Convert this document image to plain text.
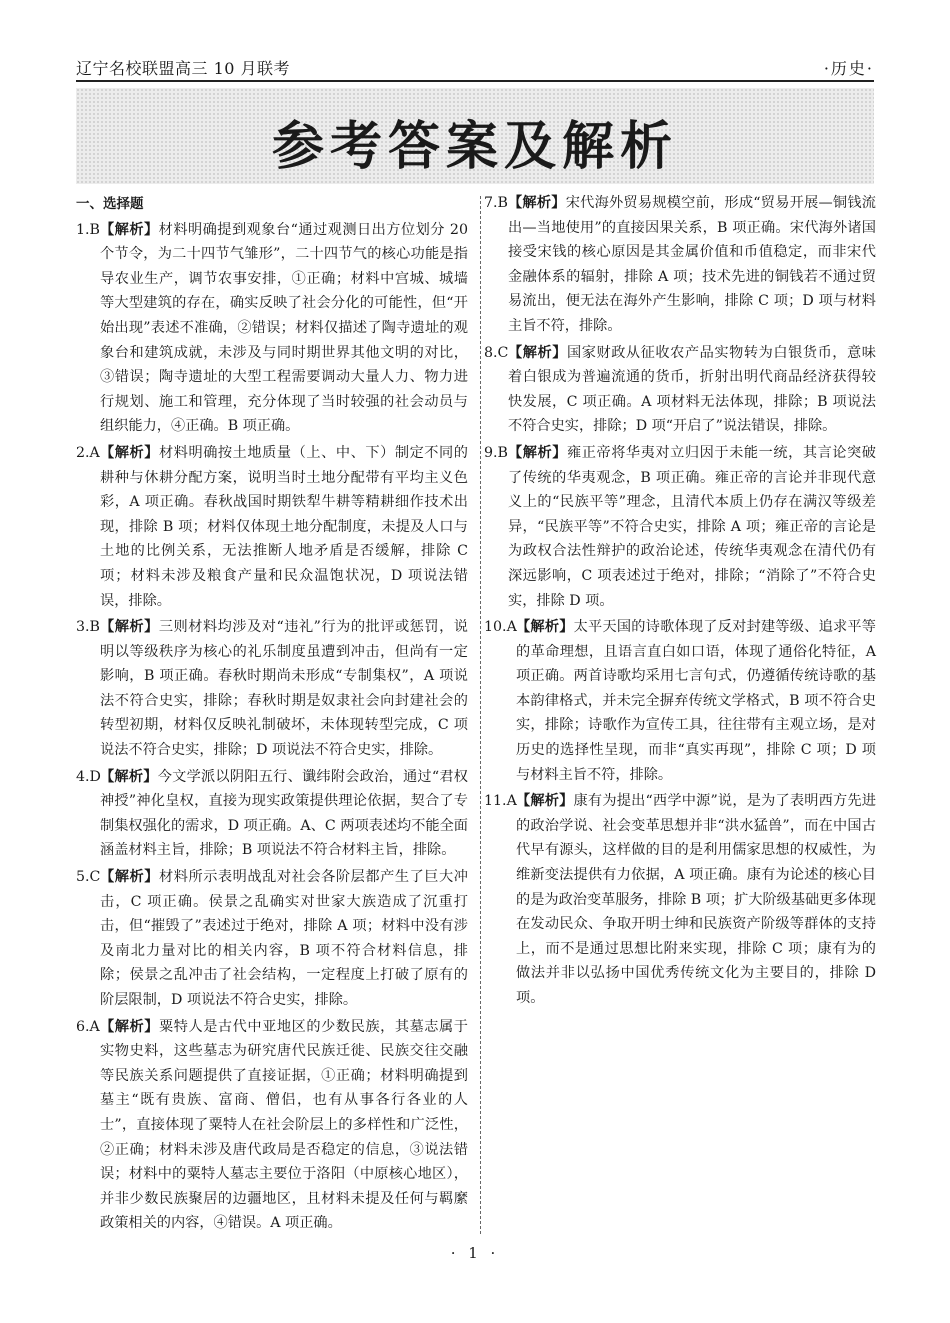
辽宁名校联盟高三 10 月联考	·历史·
参考答案及解析
一、选择题
1.B 【解析】材料明确提到观象台“通过观测日出方位划分 20 个节令，为二十四节气雏形”，二十四节气的核心功能是指导农业生产，调节农事安排，①正确；材料中宫城、城墙等大型建筑的存在，确实反映了社会分化的可能性，但“开始出现”表述不准确，②错误；材料仅描述了陶寺遗址的观象台和建筑成就，未涉及与同时期世界其他文明的对比，③错误；陶寺遗址的大型工程需要调动大量人力、物力进行规划、施工和管理，充分体现了当时较强的社会动员与组织能力，④正确。B 项正确。
2.A 【解析】材料明确按土地质量（上、中、下）制定不同的耕种与休耕分配方案，说明当时土地分配带有平均主义色彩，A 项正确。春秋战国时期铁犁牛耕等精耕细作技术出现，排除 B 项；材料仅体现土地分配制度，未提及人口与土地的比例关系，无法推断人地矛盾是否缓解，排除 C 项；材料未涉及粮食产量和民众温饱状况，D 项说法错误，排除。
3.B 【解析】三则材料均涉及对“违礼”行为的批评或惩罚，说明以等级秩序为核心的礼乐制度虽遭到冲击，但尚有一定影响，B 项正确。春秋时期尚未形成“专制集权”，A 项说法不符合史实，排除；春秋时期是奴隶社会向封建社会的转型初期，材料仅反映礼制破坏，未体现转型完成，C 项说法不符合史实，排除；D 项说法不符合史实，排除。
4.D 【解析】今文学派以阴阳五行、谶纬附会政治，通过“君权神授”神化皇权，直接为现实政策提供理论依据，契合了专制集权强化的需求，D 项正确。A、C 两项表述均不能全面涵盖材料主旨，排除；B 项说法不符合材料主旨，排除。
5.C 【解析】材料所示表明战乱对社会各阶层都产生了巨大冲击，C 项正确。侯景之乱确实对世家大族造成了沉重打击，但“摧毁了”表述过于绝对，排除 A 项；材料中没有涉及南北力量对比的相关内容，B 项不符合材料信息，排除；侯景之乱冲击了社会结构，一定程度上打破了原有的阶层限制，D 项说法不符合史实，排除。
6.A 【解析】粟特人是古代中亚地区的少数民族，其墓志属于实物史料，这些墓志为研究唐代民族迁徙、民族交往交融等民族关系问题提供了直接证据，①正确；材料明确提到墓主“既有贵族、富商、僧侣，也有从事各行各业的人士”，直接体现了粟特人在社会阶层上的多样性和广泛性，②正确；材料未涉及唐代政局是否稳定的信息，③说法错误；材料中的粟特人墓志主要位于洛阳（中原核心地区），并非少数民族聚居的边疆地区，且材料未提及任何与羁縻政策相关的内容，④错误。A 项正确。
7.B 【解析】宋代海外贸易规模空前，形成“贸易开展—铜钱流出—当地使用”的直接因果关系，B 项正确。宋代海外诸国接受宋钱的核心原因是其金属价值和币值稳定，而非宋代金融体系的辐射，排除 A 项；技术先进的铜钱若不通过贸易流出，便无法在海外产生影响，排除 C 项；D 项与材料主旨不符，排除。
8.C 【解析】国家财政从征收农产品实物转为白银货币，意味着白银成为普遍流通的货币，折射出明代商品经济获得较快发展，C 项正确。A 项材料无法体现，排除；B 项说法不符合史实，排除；D 项“开启了”说法错误，排除。
9.B 【解析】雍正帝将华夷对立归因于未能一统，其言论突破了传统的华夷观念，B 项正确。雍正帝的言论并非现代意义上的“民族平等”理念，且清代本质上仍存在满汉等级差异，“民族平等”不符合史实，排除 A 项；雍正帝的言论是为政权合法性辩护的政治论述，传统华夷观念在清代仍有深远影响，C 项表述过于绝对，排除；“消除了”不符合史实，排除 D 项。
10.A 【解析】太平天国的诗歌体现了反对封建等级、追求平等的革命理想，且语言直白如口语，体现了通俗化特征，A 项正确。两首诗歌均采用七言句式，仍遵循传统诗歌的基本韵律格式，并未完全摒弃传统文学格式，B 项不符合史实，排除；诗歌作为宣传工具，往往带有主观立场，是对历史的选择性呈现，而非“真实再现”，排除 C 项；D 项与材料主旨不符，排除。
11.A 【解析】康有为提出“西学中源”说，是为了表明西方先进的政治学说、社会变革思想并非“洪水猛兽”，而在中国古代早有源头，这样做的目的是利用儒家思想的权威性，为维新变法提供有力依据，A 项正确。康有为论述的核心目的是为政治变革服务，排除 B 项；扩大阶级基础更多体现在发动民众、争取开明士绅和民族资产阶级等群体的支持上，而不是通过思想比附来实现，排除 C 项；康有为的做法并非以弘扬中国优秀传统文化为主要目的，排除 D 项。
· 1 ·
